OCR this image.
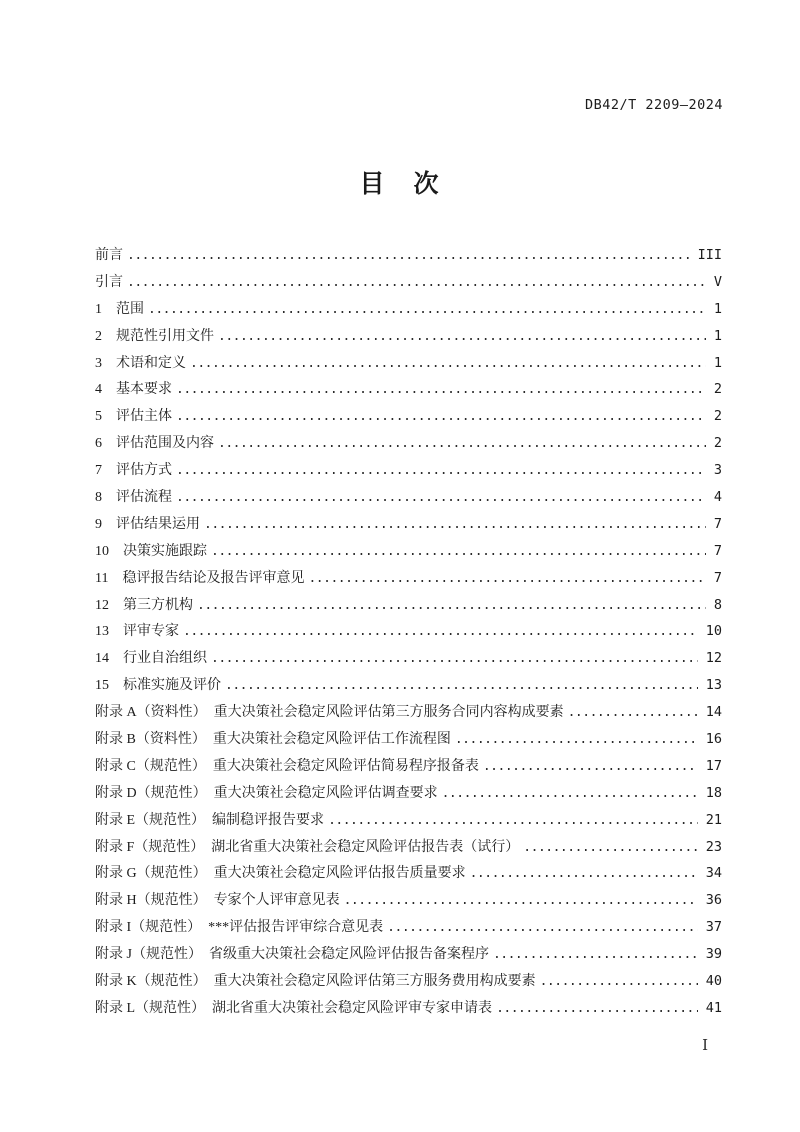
DB42/T 2209—2024
目　次
前言 .....	III
引言 .....	V
1　范围 .....	1
2　规范性引用文件 .....	1
3　术语和定义 .....	1
4　基本要求 .....	2
5　评估主体 .....	2
6　评估范围及内容 .....	2
7　评估方式 .....	3
8　评估流程 .....	4
9　评估结果运用 .....	7
10　决策实施跟踪 .....	7
11　稳评报告结论及报告评审意见 .....	7
12　第三方机构 .....	8
13　评审专家 .....	10
14　行业自治组织 .....	12
15　标准实施及评价 .....	13
附录 A（资料性）　重大决策社会稳定风险评估第三方服务合同内容构成要素 .....	14
附录 B（资料性）　重大决策社会稳定风险评估工作流程图 .....	16
附录 C（规范性）　重大决策社会稳定风险评估简易程序报备表 .....	17
附录 D（规范性）　重大决策社会稳定风险评估调查要求 .....	18
附录 E（规范性）　编制稳评报告要求 .....	21
附录 F（规范性）　湖北省重大决策社会稳定风险评估报告表（试行） .....	23
附录 G（规范性）　重大决策社会稳定风险评估报告质量要求 .....	34
附录 H（规范性）　专家个人评审意见表 .....	36
附录 I（规范性）　***评估报告评审综合意见表 .....	37
附录 J（规范性）　省级重大决策社会稳定风险评估报告备案程序 .....	39
附录 K（规范性）　重大决策社会稳定风险评估第三方服务费用构成要素 .....	40
附录 L（规范性）　湖北省重大决策社会稳定风险评审专家申请表 .....	41
I
